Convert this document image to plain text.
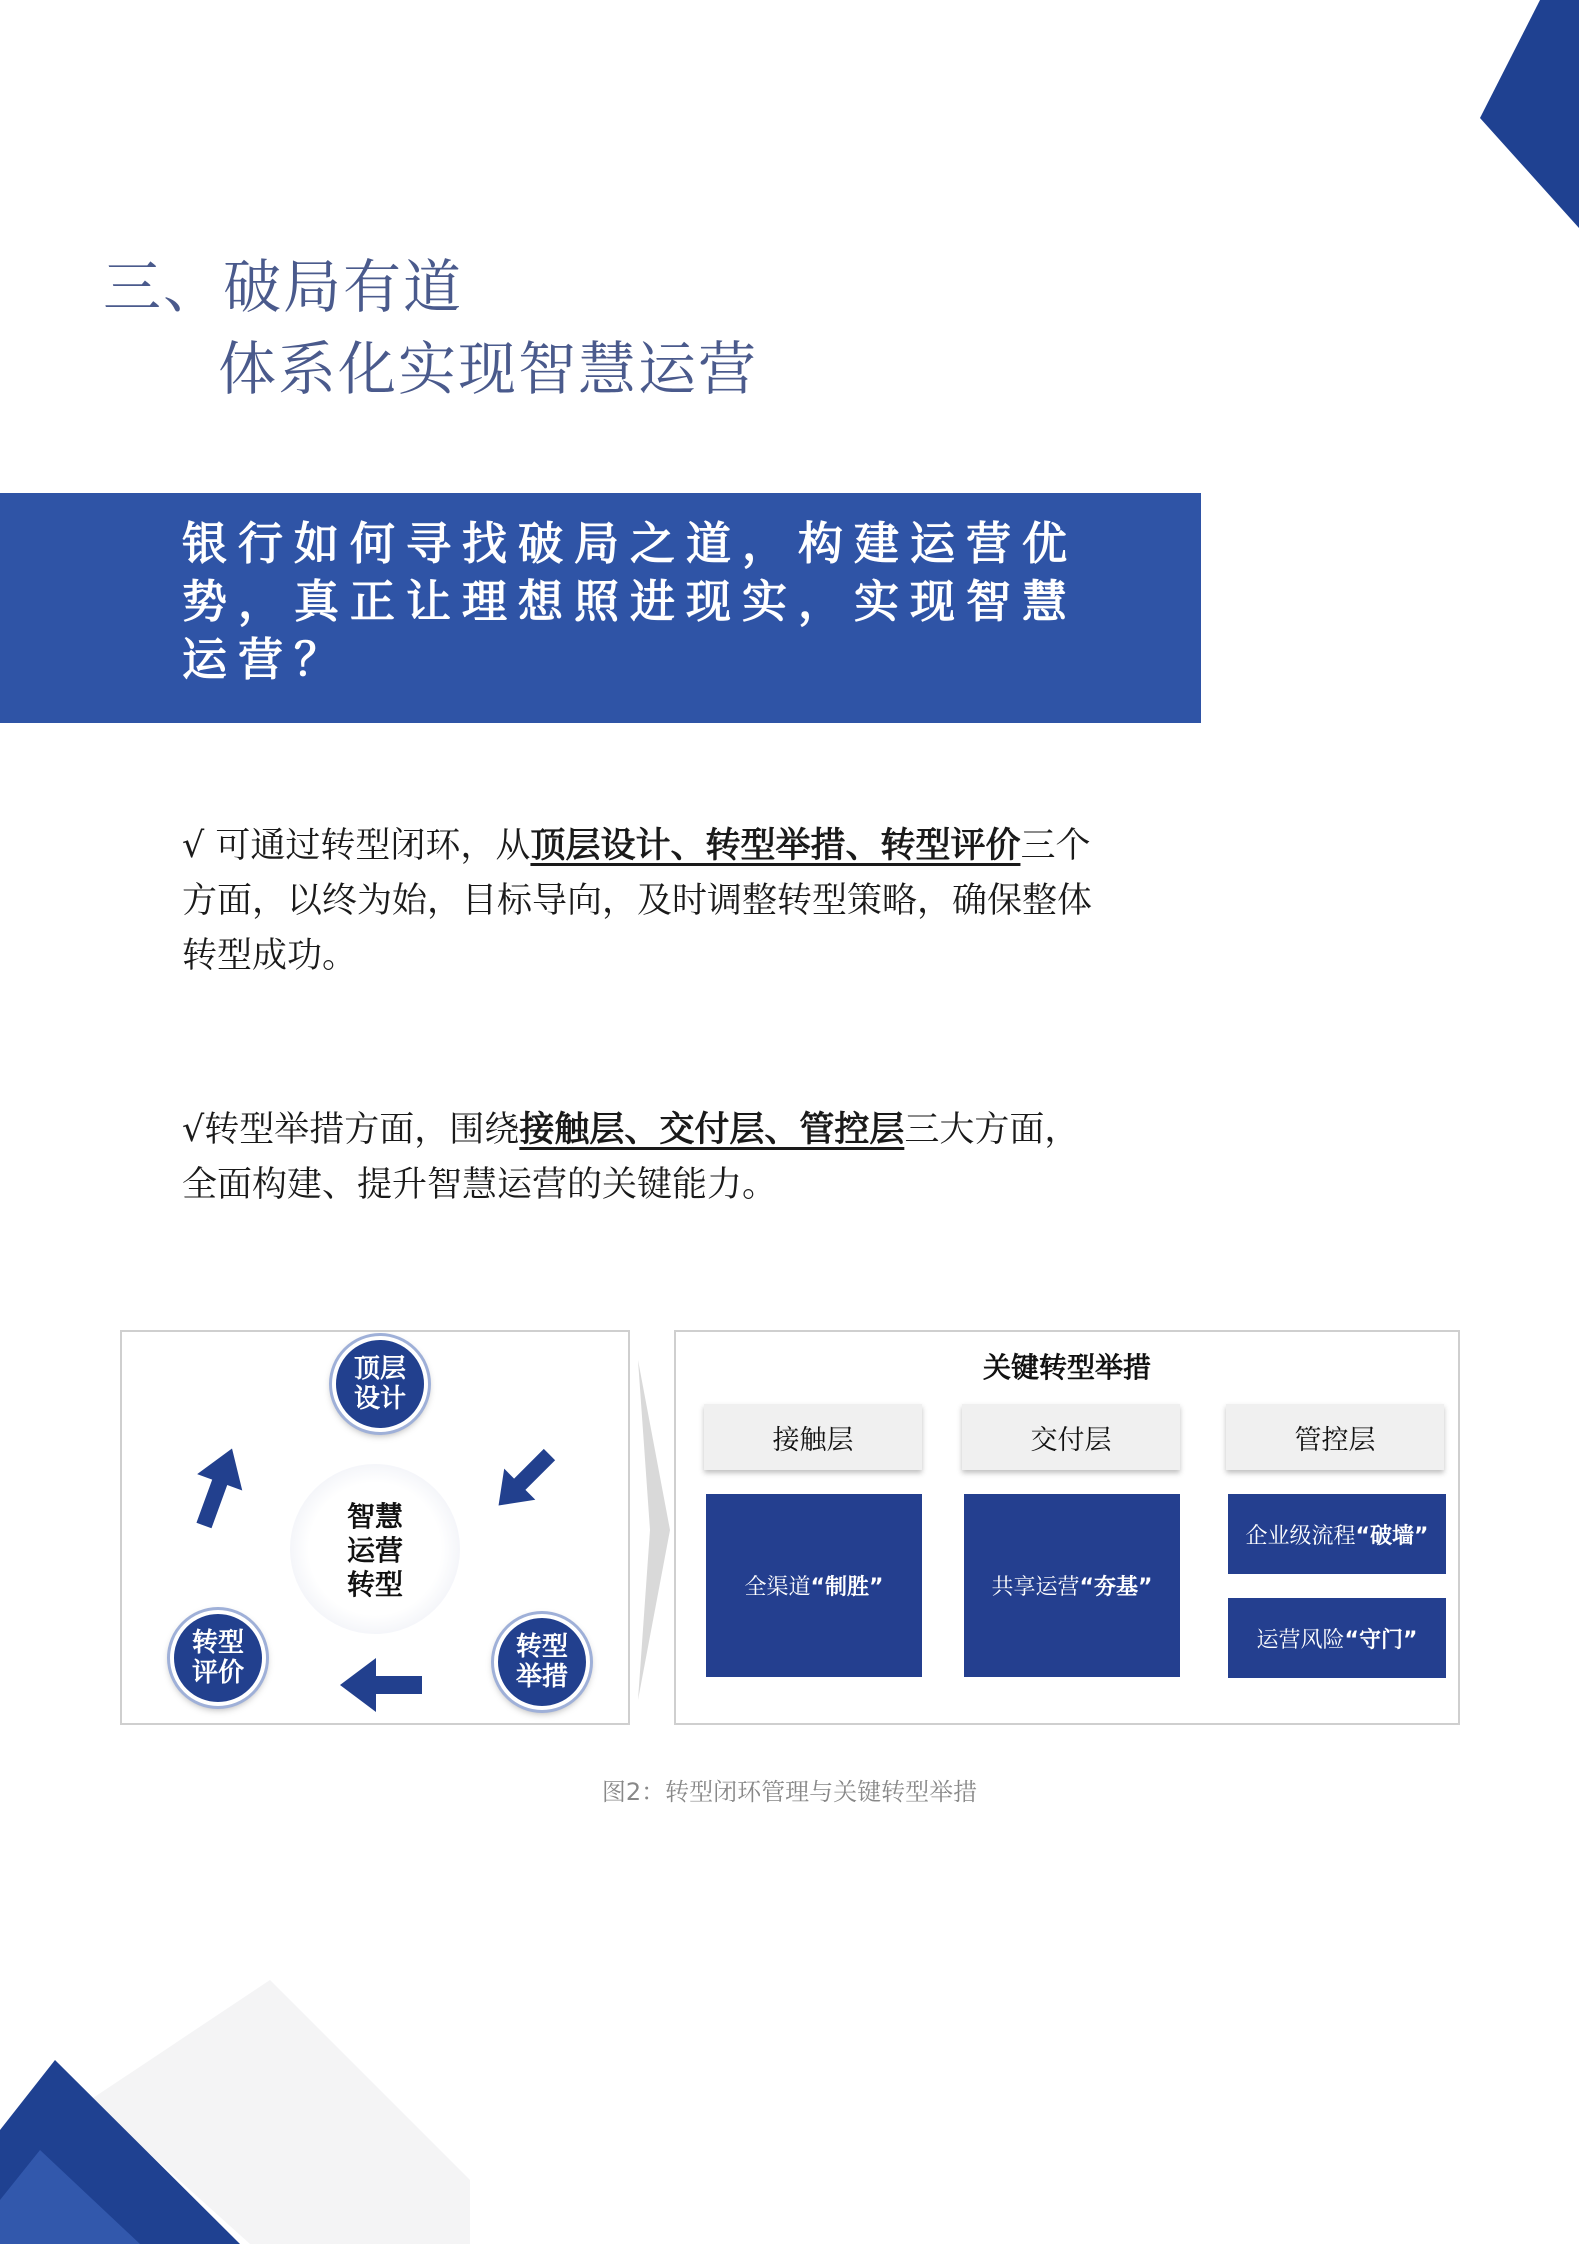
三、破局有道
体系化实现智慧运营
银行如何寻找破局之道，构建运营优势，真正让理想照进现实，实现智慧运营？
√ 可通过转型闭环，从顶层设计、转型举措、转型评价三个方面，以终为始，目标导向，及时调整转型策略，确保整体转型成功。
√转型举措方面，围绕接触层、交付层、管控层三大方面，全面构建、提升智慧运营的关键能力。
顶层设计
转型举措
转型评价
智慧运营转型
关键转型举措
接触层	交付层	管控层
全渠道 “制胜”	共享运营 “夯基”
企业级流程 “破墙”
运营风险 “守门”
图2：转型闭环管理与关键转型举措
